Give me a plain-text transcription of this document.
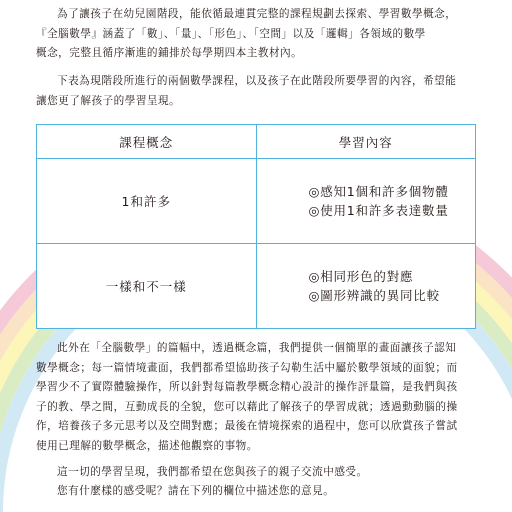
為了讓孩子在幼兒園階段，能依循最連貫完整的課程規劃去探索、學習數學概念，
『全腦數學』涵蓋了「數」、「量」、「形色」、「空間」以及「邏輯」各領域的數學
概念，完整且循序漸進的鋪排於每學期四本主教材內。
下表為現階段所進行的兩個數學課程，以及孩子在此階段所要學習的內容，希望能
讓您更了解孩子的學習呈現。
課程概念	學習內容
1和許多	◎感知1個和許多個物體
◎使用1和許多表達數量

一樣和不一樣	◎相同形色的對應
◎圖形辨識的異同比較
此外在「全腦數學」的篇幅中，透過概念篇，我們提供一個簡單的畫面讓孩子認知
數學概念；每一篇情境畫面，我們都希望協助孩子勾勒生活中屬於數學領域的面貌；而
學習少不了實際體驗操作，所以針對每篇教學概念精心設計的操作評量篇，是我們與孩
子的教、學之間，互動成長的全貌，您可以藉此了解孩子的學習成就；透過動動腦的操
作，培養孩子多元思考以及空間對應；最後在情境探索的過程中，您可以欣賞孩子嘗試
使用已理解的數學概念，描述他觀察的事物。
這一切的學習呈現，我們都希望在您與孩子的親子交流中感受。
您有什麼樣的感受呢？請在下列的欄位中描述您的意見。
